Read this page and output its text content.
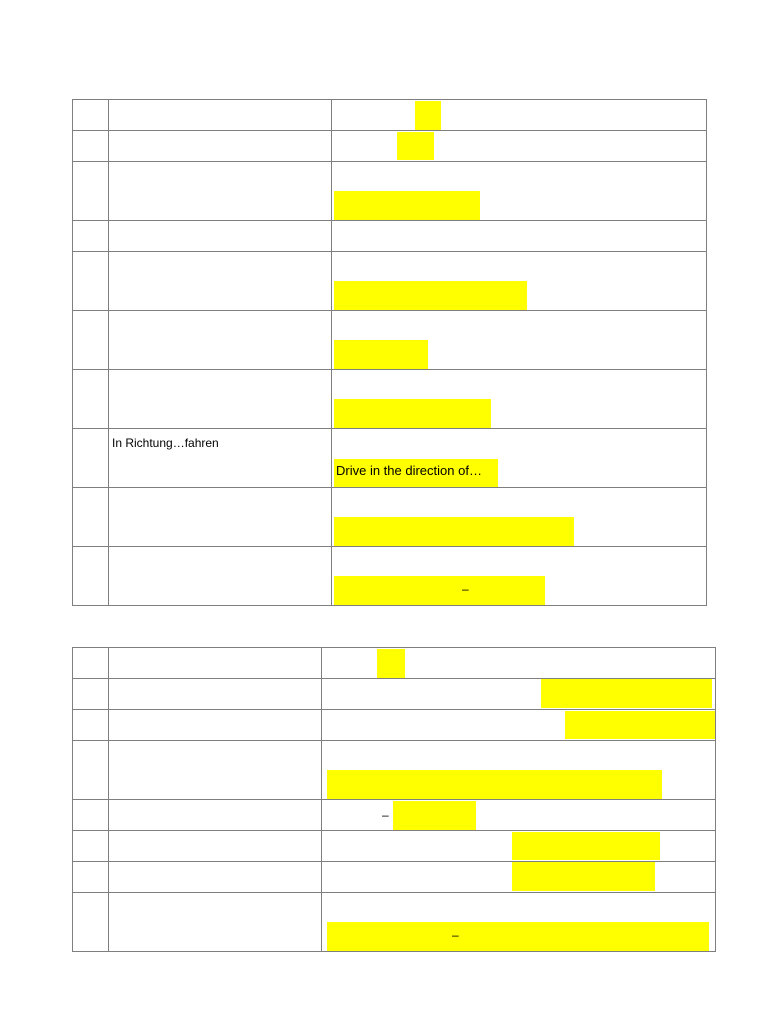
	In Richtung…fahren	Drive in the direction of…

		–

		–

		–
